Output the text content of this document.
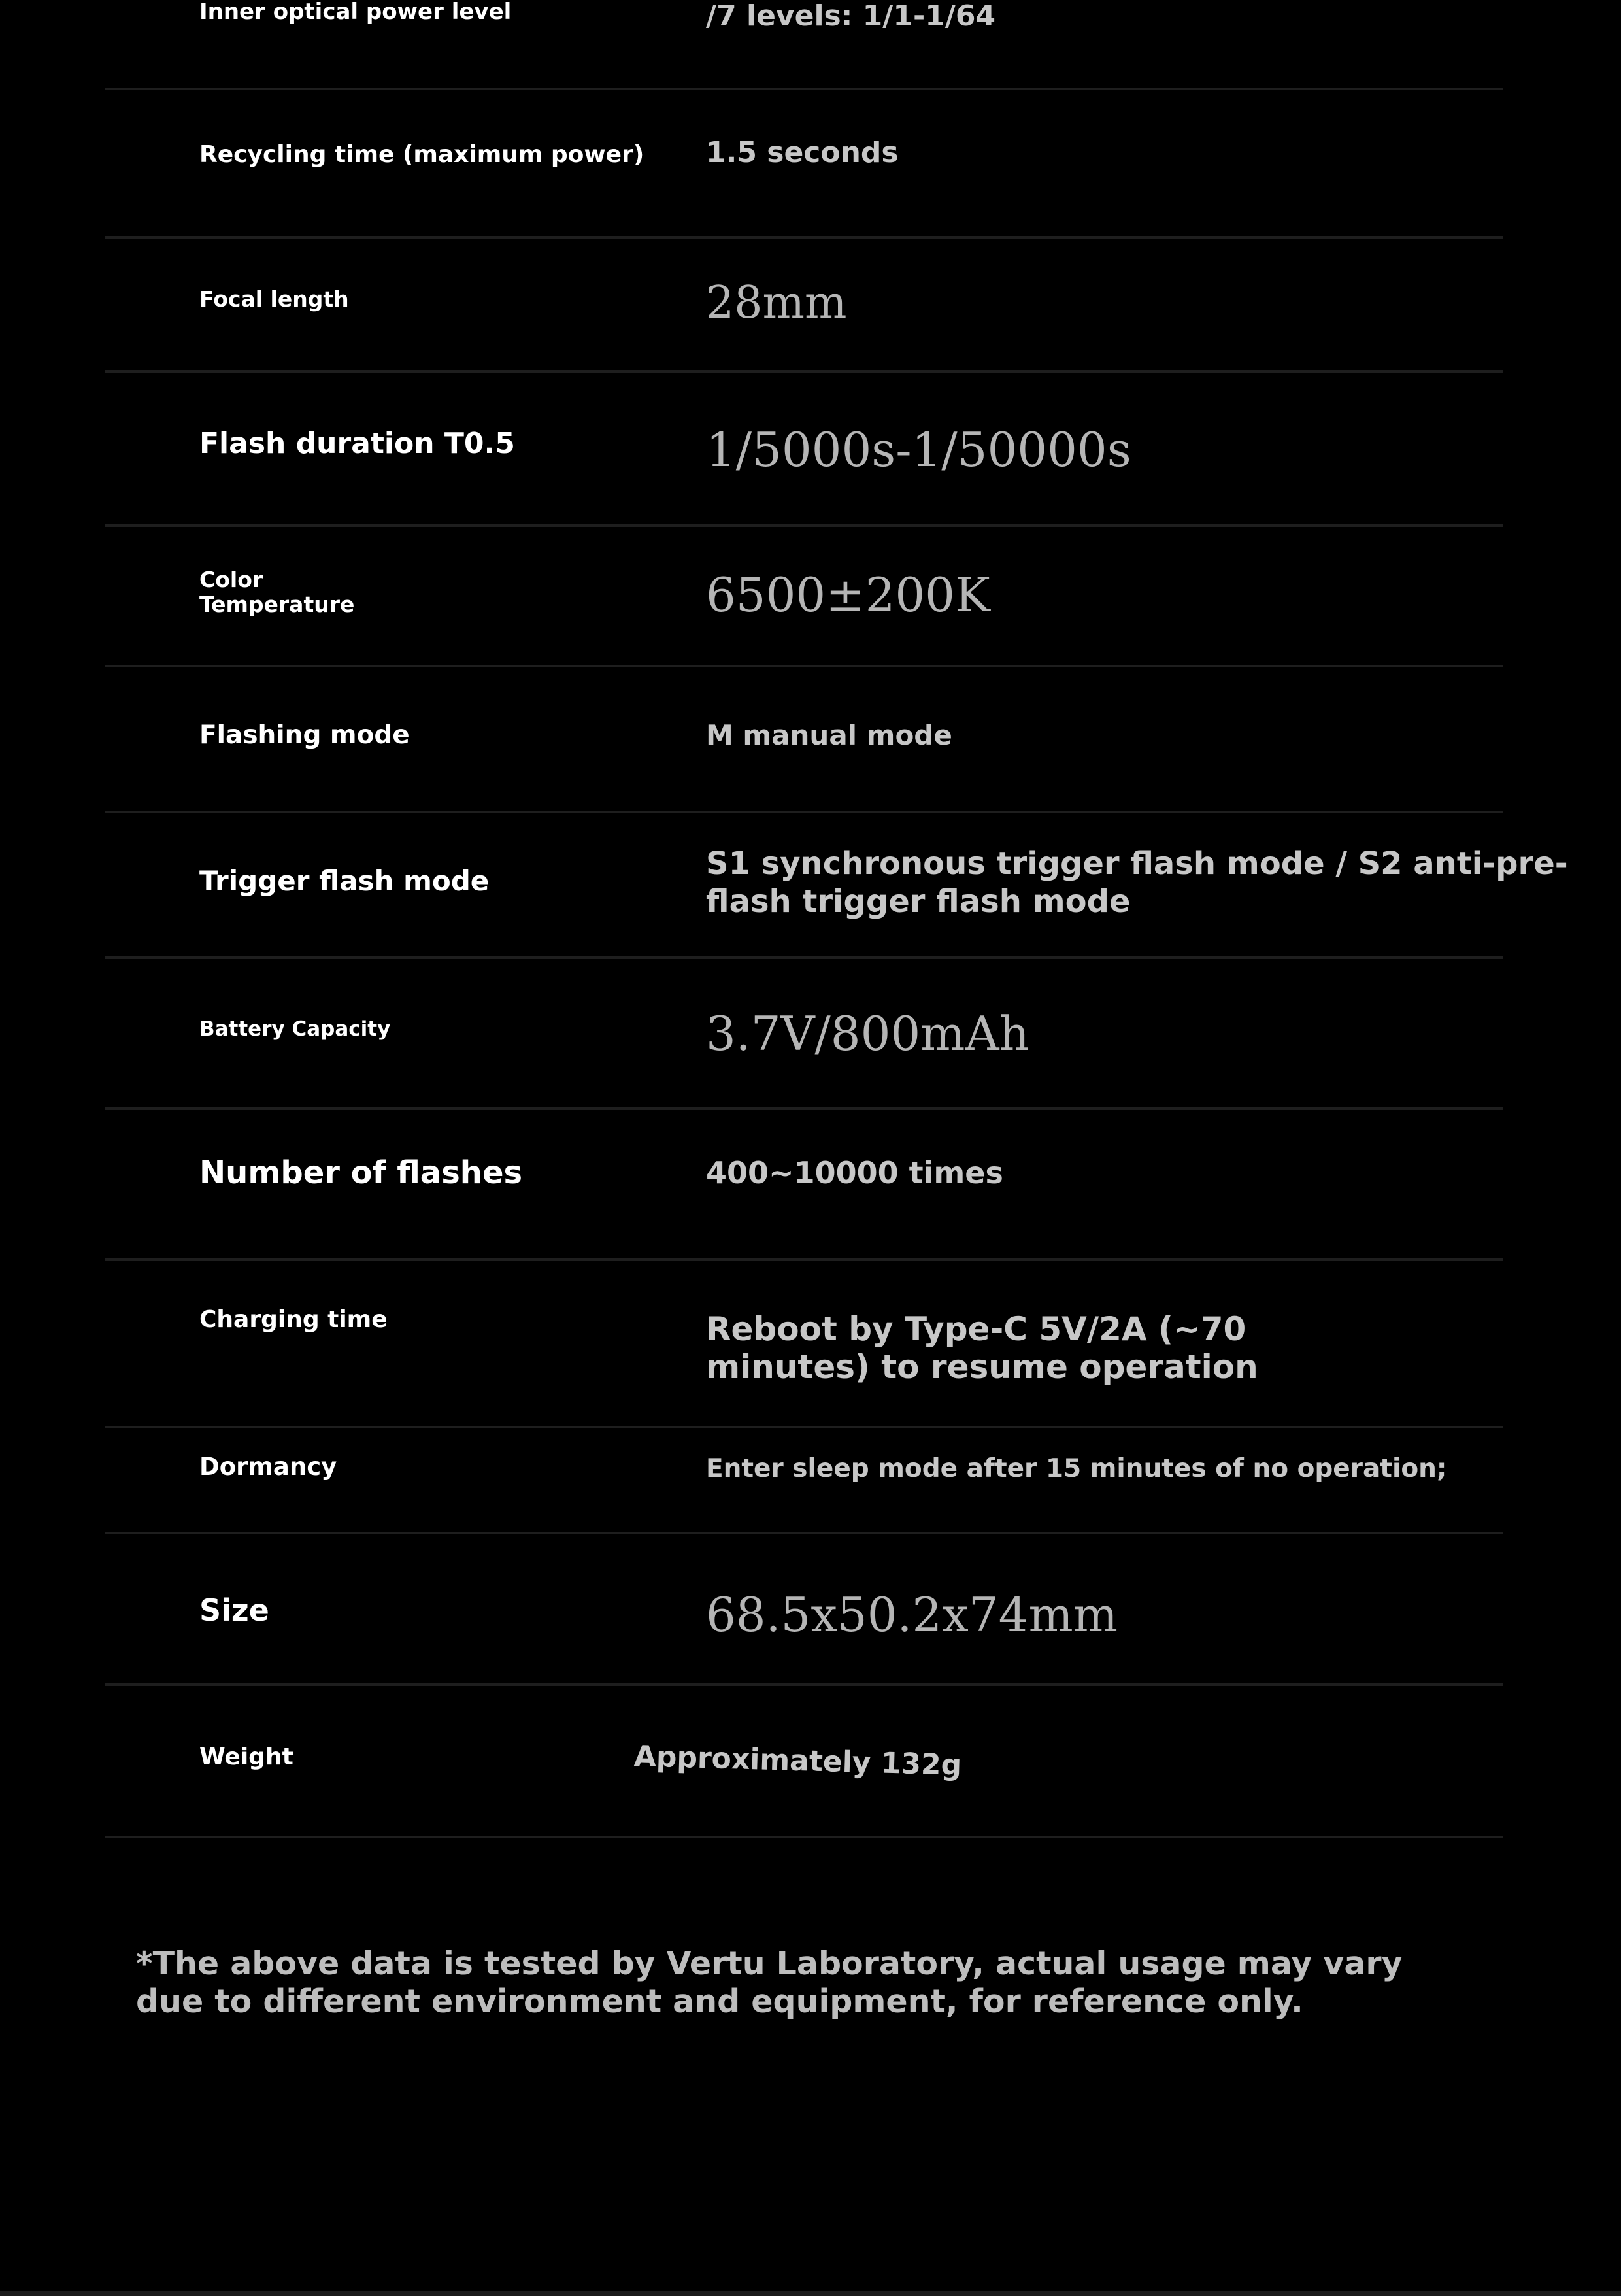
Inner optical power level	/7 levels: 1/1-1/64
Recycling time (maximum power) 1.5 seconds
Focal length	28mm
Flash duration T0.5	1/5000s-1/50000s
Color
Temperature	6500±200K
Flashing mode	M manual mode
Trigger flash mode	S1 synchronous trigger flash mode / S2 anti-pre-
flash trigger flash mode
Battery Capacity	3.7V/800mAh
Number of flashes	400~10000 times
Charging time	Reboot by Type-C 5V/2A (~70
minutes) to resume operation
Dormancy	Enter sleep mode after 15 minutes of no operation;
Size	68.5x50.2x74mm
Weight	Approximately 132g
*The above data is tested by Vertu Laboratory, actual usage may vary
due to different environment and equipment, for reference only.
